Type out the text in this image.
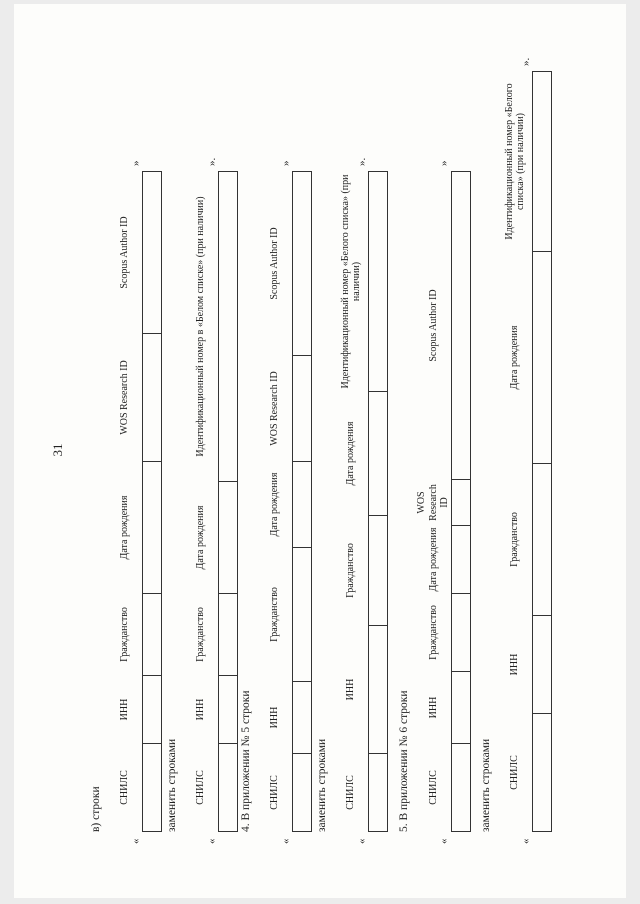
31
в) строки
«
СНИЛС	ИНН	Гражданство	Дата рождения	WOS Research ID	Scopus Author ID

»
заменить строками
«
СНИЛС	ИНН	Гражданство	Дата рождения	Идентификационный номер в «Белом списке» (при наличии)

».
4. В приложении № 5 строки
«
СНИЛС	ИНН	Гражданство	Дата рождения	WOS Research ID	Scopus Author ID

»
заменить строками
«
СНИЛС	ИНН	Гражданство	Дата рождения	Идентификационный номер «Белого списка» (при наличии)

».
5. В приложении № 6 строки
«
СНИЛС	ИНН	Гражданство	Дата рождения	WOS Research ID	Scopus Author ID

»
заменить строками
«
СНИЛС	ИНН	Гражданство	Дата рождения	Идентификационный номер «Белого списка» (при наличии)

».
